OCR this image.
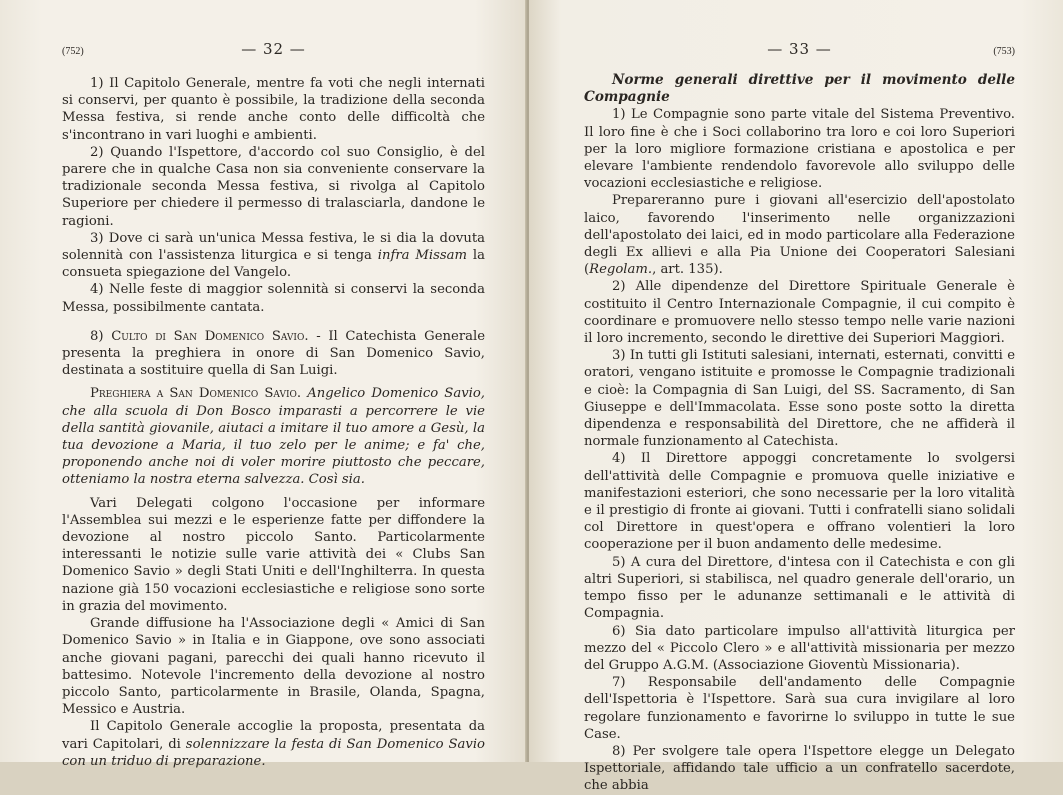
(752)	— 32 —

1) Il Capitolo Generale, mentre fa voti che negli internati si conservi, per quanto è possibile, la tradizione della seconda Messa festiva, si rende anche conto delle difficoltà che s'incontrano in vari luoghi e ambienti.

2) Quando l'Ispettore, d'accordo col suo Consiglio, è del parere che in qualche Casa non sia conveniente conservare la tradizionale seconda Messa festiva, si rivolga al Capitolo Superiore per chiedere il permesso di tralasciarla, dandone le ragioni.

3) Dove ci sarà un'unica Messa festiva, le si dia la dovuta solennità con l'assistenza liturgica e si tenga infra Missam la consueta spiegazione del Vangelo.

4) Nelle feste di maggior solennità si conservi la seconda Messa, possibilmente cantata.

8) Culto di San Domenico Savio. - Il Catechista Generale presenta la preghiera in onore di San Domenico Savio, destinata a sostituire quella di San Luigi.

Preghiera a San Domenico Savio. Angelico Domenico Savio, che alla scuola di Don Bosco imparasti a percorrere le vie della santità giovanile, aiutaci a imitare il tuo amore a Gesù, la tua devozione a Maria, il tuo zelo per le anime; e fa' che, proponendo anche noi di voler morire piuttosto che peccare, otteniamo la nostra eterna salvezza. Così sia.

Vari Delegati colgono l'occasione per informare l'Assemblea sui mezzi e le esperienze fatte per diffondere la devozione al nostro piccolo Santo. Particolarmente interessanti le notizie sulle varie attività dei « Clubs San Domenico Savio » degli Stati Uniti e dell'Inghilterra. In questa nazione già 150 vocazioni ecclesiastiche e religiose sono sorte in grazia del movimento.

Grande diffusione ha l'Associazione degli « Amici di San Domenico Savio » in Italia e in Giappone, ove sono associati anche giovani pagani, parecchi dei quali hanno ricevuto il battesimo. Notevole l'incremento della devozione al nostro piccolo Santo, particolarmente in Brasile, Olanda, Spagna, Messico e Austria.

Il Capitolo Generale accoglie la proposta, presentata da vari Capitolari, di solennizzare la festa di San Domenico Savio con un triduo di preparazione.

— 33 —	(753)

Norme generali direttive per il movimento delle Compagnie

1) Le Compagnie sono parte vitale del Sistema Preventivo. Il loro fine è che i Soci collaborino tra loro e coi loro Superiori per la loro migliore formazione cristiana e apostolica e per elevare l'ambiente rendendolo favorevole allo sviluppo delle vocazioni ecclesiastiche e religiose.

Prepareranno pure i giovani all'esercizio dell'apostolato laico, favorendo l'inserimento nelle organizzazioni dell'apostolato dei laici, ed in modo particolare alla Federazione degli Ex allievi e alla Pia Unione dei Cooperatori Salesiani (Regolam., art. 135).

2) Alle dipendenze del Direttore Spirituale Generale è costituito il Centro Internazionale Compagnie, il cui compito è coordinare e promuovere nello stesso tempo nelle varie nazioni il loro incremento, secondo le direttive dei Superiori Maggiori.

3) In tutti gli Istituti salesiani, internati, esternati, convitti e oratori, vengano istituite e promosse le Compagnie tradizionali e cioè: la Compagnia di San Luigi, del SS. Sacramento, di San Giuseppe e dell'Immacolata. Esse sono poste sotto la diretta dipendenza e responsabilità del Direttore, che ne affiderà il normale funzionamento al Catechista.

4) Il Direttore appoggi concretamente lo svolgersi dell'attività delle Compagnie e promuova quelle iniziative e manifestazioni esteriori, che sono necessarie per la loro vitalità e il prestigio di fronte ai giovani. Tutti i confratelli siano solidali col Direttore in quest'opera e offrano volentieri la loro cooperazione per il buon andamento delle medesime.

5) A cura del Direttore, d'intesa con il Catechista e con gli altri Superiori, si stabilisca, nel quadro generale dell'orario, un tempo fisso per le adunanze settimanali e le attività di Compagnia.

6) Sia dato particolare impulso all'attività liturgica per mezzo del « Piccolo Clero » e all'attività missionaria per mezzo del Gruppo A.G.M. (Associazione Gioventù Missionaria).

7) Responsabile dell'andamento delle Compagnie dell'Ispettoria è l'Ispettore. Sarà sua cura invigilare al loro regolare funzionamento e favorirne lo sviluppo in tutte le sue Case.

8) Per svolgere tale opera l'Ispettore elegge un Delegato Ispettoriale, affidando tale ufficio a un confratello sacerdote, che abbia
